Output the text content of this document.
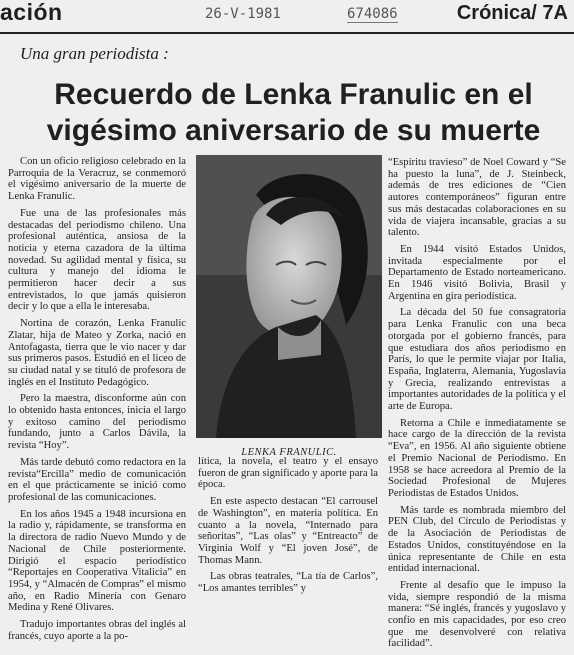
ación	26-V-1981	674086	Crónica/ 7A
Una gran periodista :
Recuerdo de Lenka Franulic en el vigésimo aniversario de su muerte

Con un oficio religioso celebrado en la Parroquia de la Veracruz, se conmemoró el vigésimo aniversario de la muerte de Lenka Franulic.

Fue una de las profesionales más destacadas del periodismo chileno. Una profesional auténtica, ansiosa de la noticia y eterna cazadora de la última novedad. Su agilidad mental y física, su cultura y manejo del idioma le permitieron hacer decir a sus entrevistados, lo que jamás quisieron decir y lo que a ella le interesaba.

Nortina de corazón, Lenka Franulic Zlatar, hija de Mateo y Zorka, nació en Antofagasta, tierra que le vio nacer y dar sus primeros pasos. Estudió en el liceo de su ciudad natal y se tituló de profesora de inglés en el Instituto Pedagógico.

Pero la maestra, disconforme aún con lo obtenido hasta entonces, inicia el largo y exitoso camino del periodismo fundando, junto a Carlos Dávila, la revista “Hoy”.

Más tarde debutó como redactora en la revista“Ercilla” medio de comunicación en el que prácticamente se inició como profesional de las comunicaciones.

En los años 1945 a 1948 incursiona en la radio y, rápidamente, se transforma en la directora de radio Nuevo Mundo y de Nacional de Chile posteriormente. Dirigió el espacio periodístico “Reportajes en Cooperativa Vitalicia” en 1954, y “Almacén de Compras” el mismo año, en Radio Minería con Genaro Medina y René Olivares.

Tradujo importantes obras del inglés al francés, cuyo aporte a la po-

LENKA FRANULIC.

lítica, la novela, el teatro y el ensayo fueron de gran significado y aporte para la época.

En este aspecto destacan “El carrousel de Washington”, en materia política. En cuanto a la novela, “Internado para señoritas”, “Las olas” y “Entreacto” de Virginia Wolf y “El joven José”, de Thomas Mann.

Las obras teatrales, “La tía de Carlos”, “Los amantes terribles” y

“Espíritu travieso” de Noel Coward y “Se ha puesto la luna”, de J. Steinbeck, además de tres ediciones de “Cien autores contemporáneos” figuran entre sus más destacadas colaboraciones en su vida de viajera incansable, gracias a su talento.

En 1944 visitó Estados Unidos, invitada especialmente por el Departamento de Estado norteamericano. En 1946 visitó Bolivia, Brasil y Argentina en gira periodística.

La década del 50 fue consagratoria para Lenka Franulic con una beca otorgada por el gobierno francés, para que estudiara dos años periodismo en París, lo que le permite viajar por Italia, España, Inglaterra, Alemania, Yugoslavia y Grecia, realizando entrevistas a importantes autoridades de la política y el arte de Europa.

Retorna a Chile e inmediatamente se hace cargo de la dirección de la revista “Eva”, en 1956. Al año siguiente obtiene el Premio Nacional de Periodismo. En 1958 se hace acreedora al Premio de la Sociedad Profesional de Mujeres Periodistas de Estados Unidos.

Más tarde es nombrada miembro del PEN Club, del Círculo de Periodistas y de la Asociación de Periodistas de Estados Unidos, constituyéndose en la única representante de Chile en esta entidad internacional.

Frente al desafío que le impuso la vida, siempre respondió de la misma manera: “Sé inglés, francés y yugoslavo y confío en mis capacidades, por eso creo que me desenvolveré con relativa facilidad”.
